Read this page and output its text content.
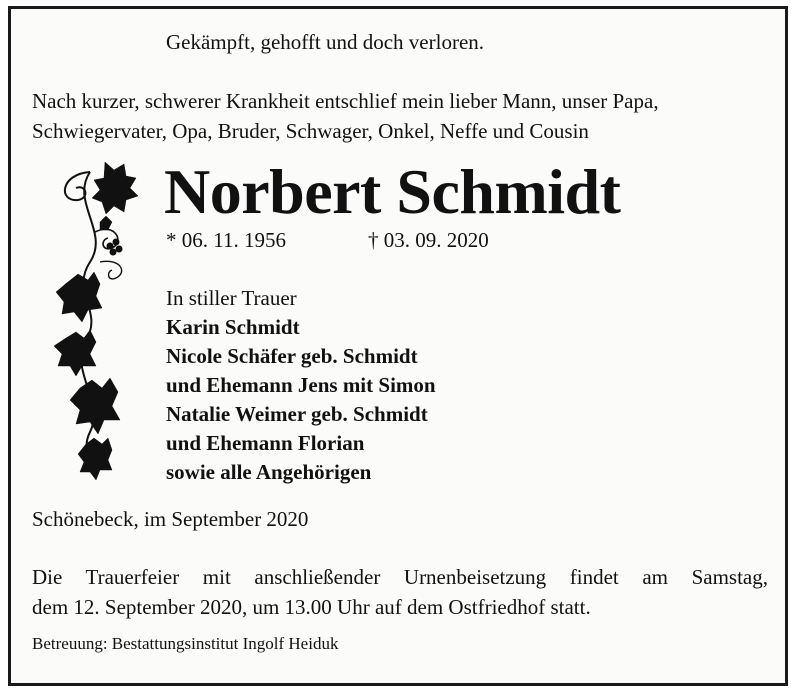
Gekämpft, gehofft und doch verloren.
Nach kurzer, schwerer Krankheit entschlief mein lieber Mann, unser Papa,
Schwiegervater, Opa, Bruder, Schwager, Onkel, Neffe und Cousin
Norbert Schmidt
* 06. 11. 1956	† 03. 09. 2020
In stiller Trauer
Karin Schmidt
Nicole Schäfer geb. Schmidt
und Ehemann Jens mit Simon
Natalie Weimer geb. Schmidt
und Ehemann Florian
sowie alle Angehörigen
Schönebeck, im September 2020
Die Trauerfeier mit anschließender Urnenbeisetzung findet am Samstag,
dem 12. September 2020, um 13.00 Uhr auf dem Ostfriedhof statt.
Betreuung: Bestattungsinstitut Ingolf Heiduk
